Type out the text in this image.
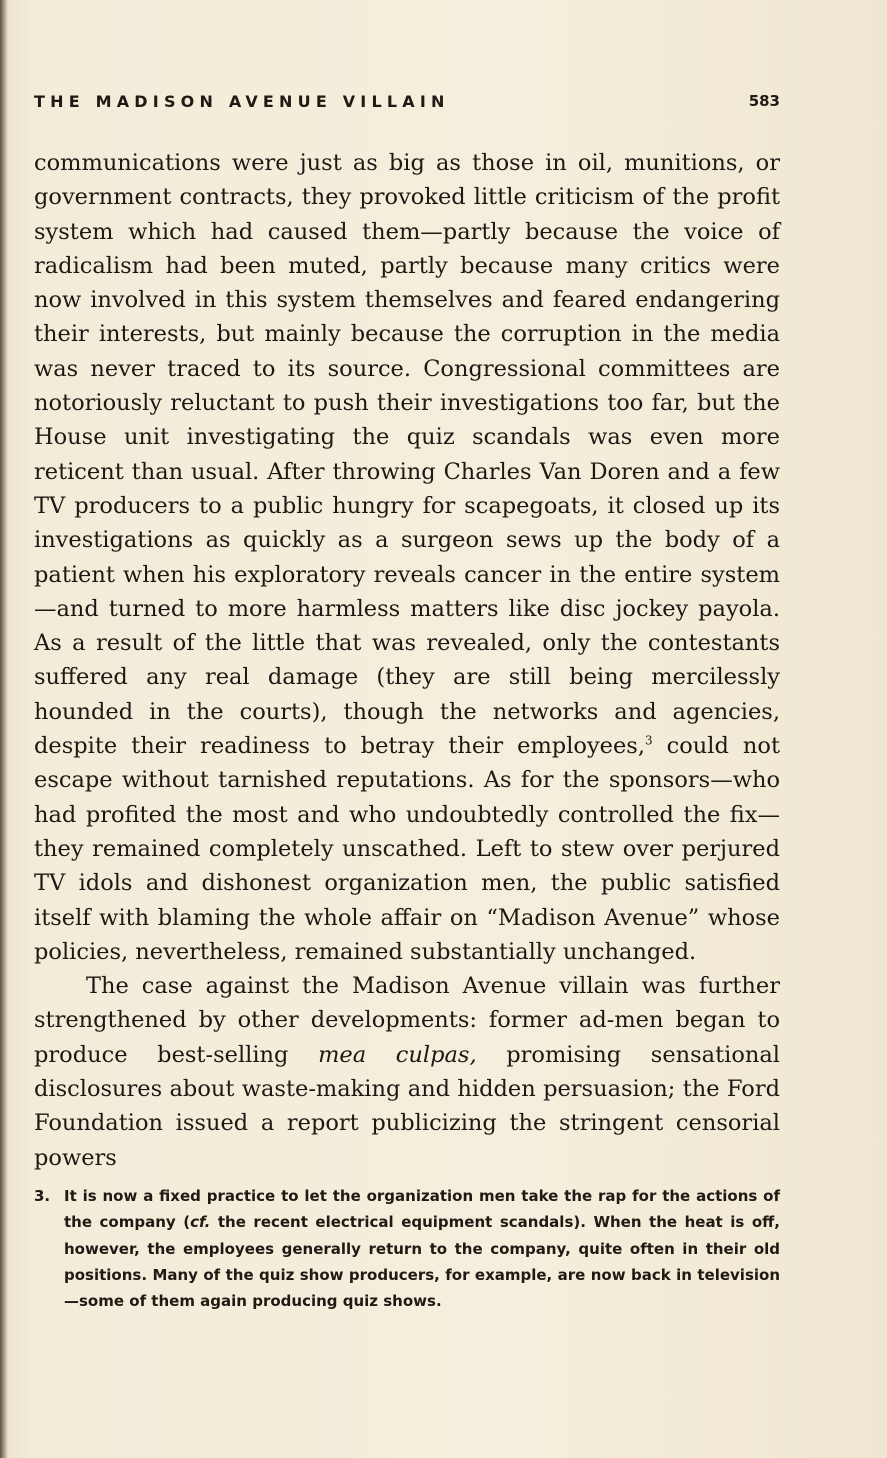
THE MADISON AVENUE VILLAIN	583

communications were just as big as those in oil, munitions, or government contracts, they provoked little criticism of the profit system which had caused them—partly because the voice of radicalism had been muted, partly because many critics were now involved in this system themselves and feared endangering their interests, but mainly because the corruption in the media was never traced to its source. Congressional committees are notoriously reluctant to push their investigations too far, but the House unit investigating the quiz scandals was even more reticent than usual. After throwing Charles Van Doren and a few TV producers to a public hungry for scapegoats, it closed up its investigations as quickly as a surgeon sews up the body of a patient when his exploratory reveals cancer in the entire system—and turned to more harmless matters like disc jockey payola. As a result of the little that was revealed, only the contestants suffered any real damage (they are still being mercilessly hounded in the courts), though the networks and agencies, despite their readiness to betray their employees,$^3$ could not escape without tarnished reputations. As for the sponsors—who had profited the most and who undoubtedly controlled the fix—they remained completely unscathed. Left to stew over perjured TV idols and dishonest organization men, the public satisfied itself with blaming the whole affair on “Madison Avenue” whose policies, nevertheless, remained substantially unchanged.

The case against the Madison Avenue villain was further strengthened by other developments: former ad-men began to produce best-selling mea culpas, promising sensational disclosures about waste-making and hidden persuasion; the Ford Foundation issued a report publicizing the stringent censorial powers

3. It is now a fixed practice to let the organization men take the rap for the actions of the company (cf. the recent electrical equipment scandals). When the heat is off, however, the employees generally return to the company, quite often in their old positions. Many of the quiz show producers, for example, are now back in television—some of them again producing quiz shows.
